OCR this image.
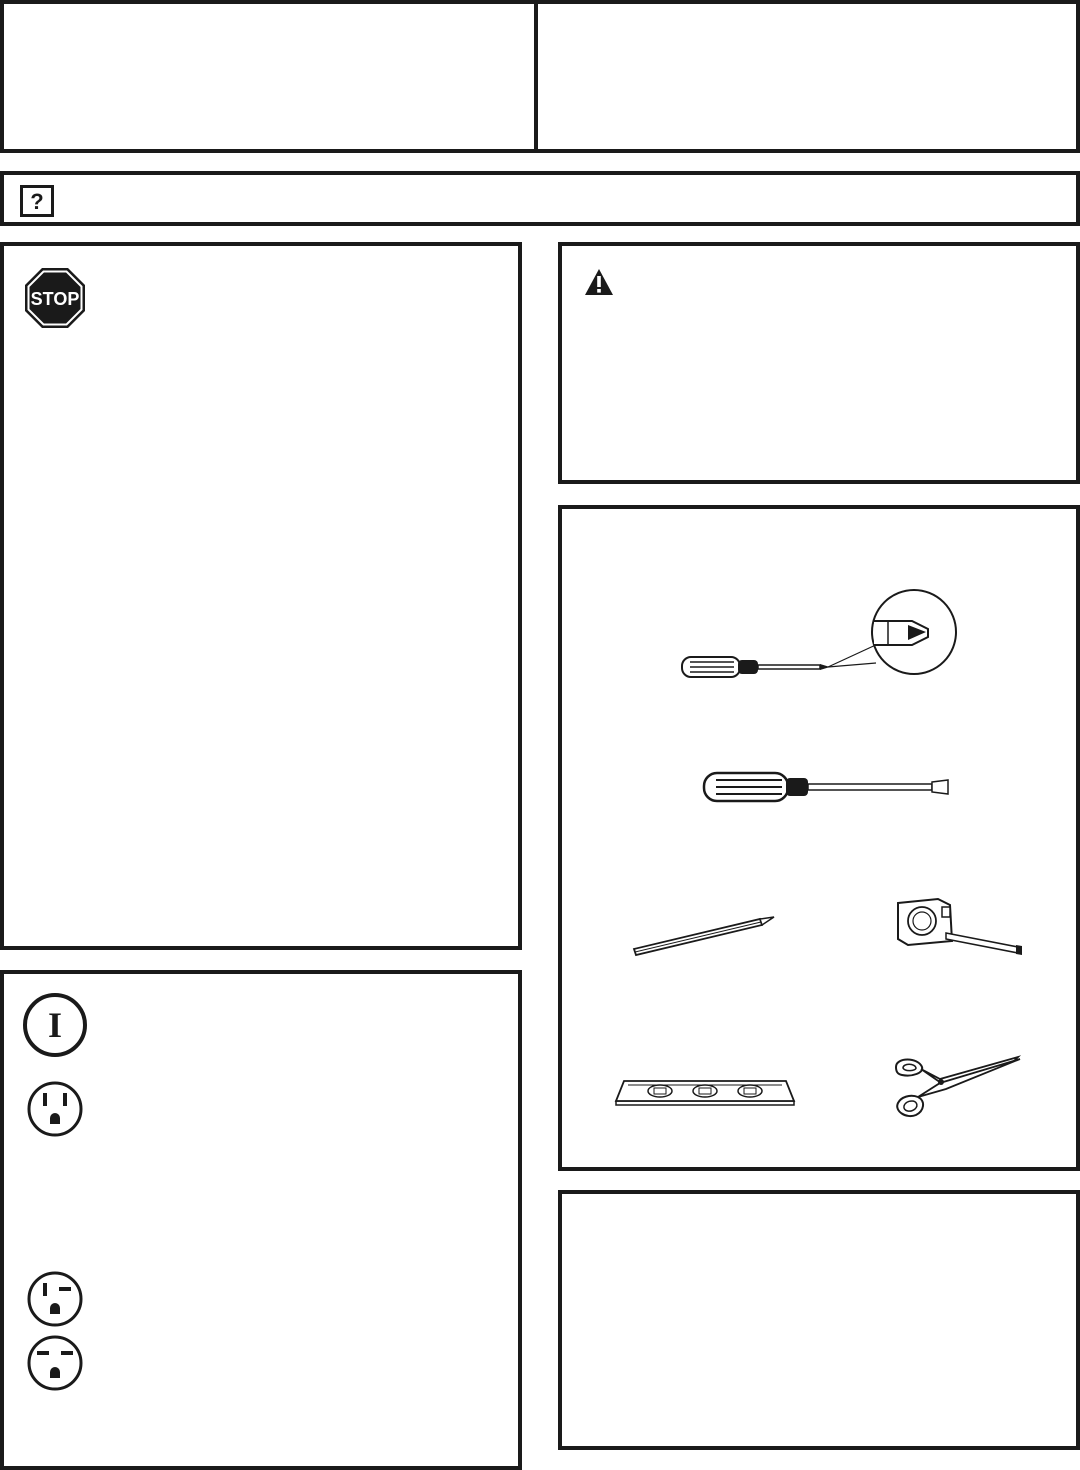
?
STOP
I
